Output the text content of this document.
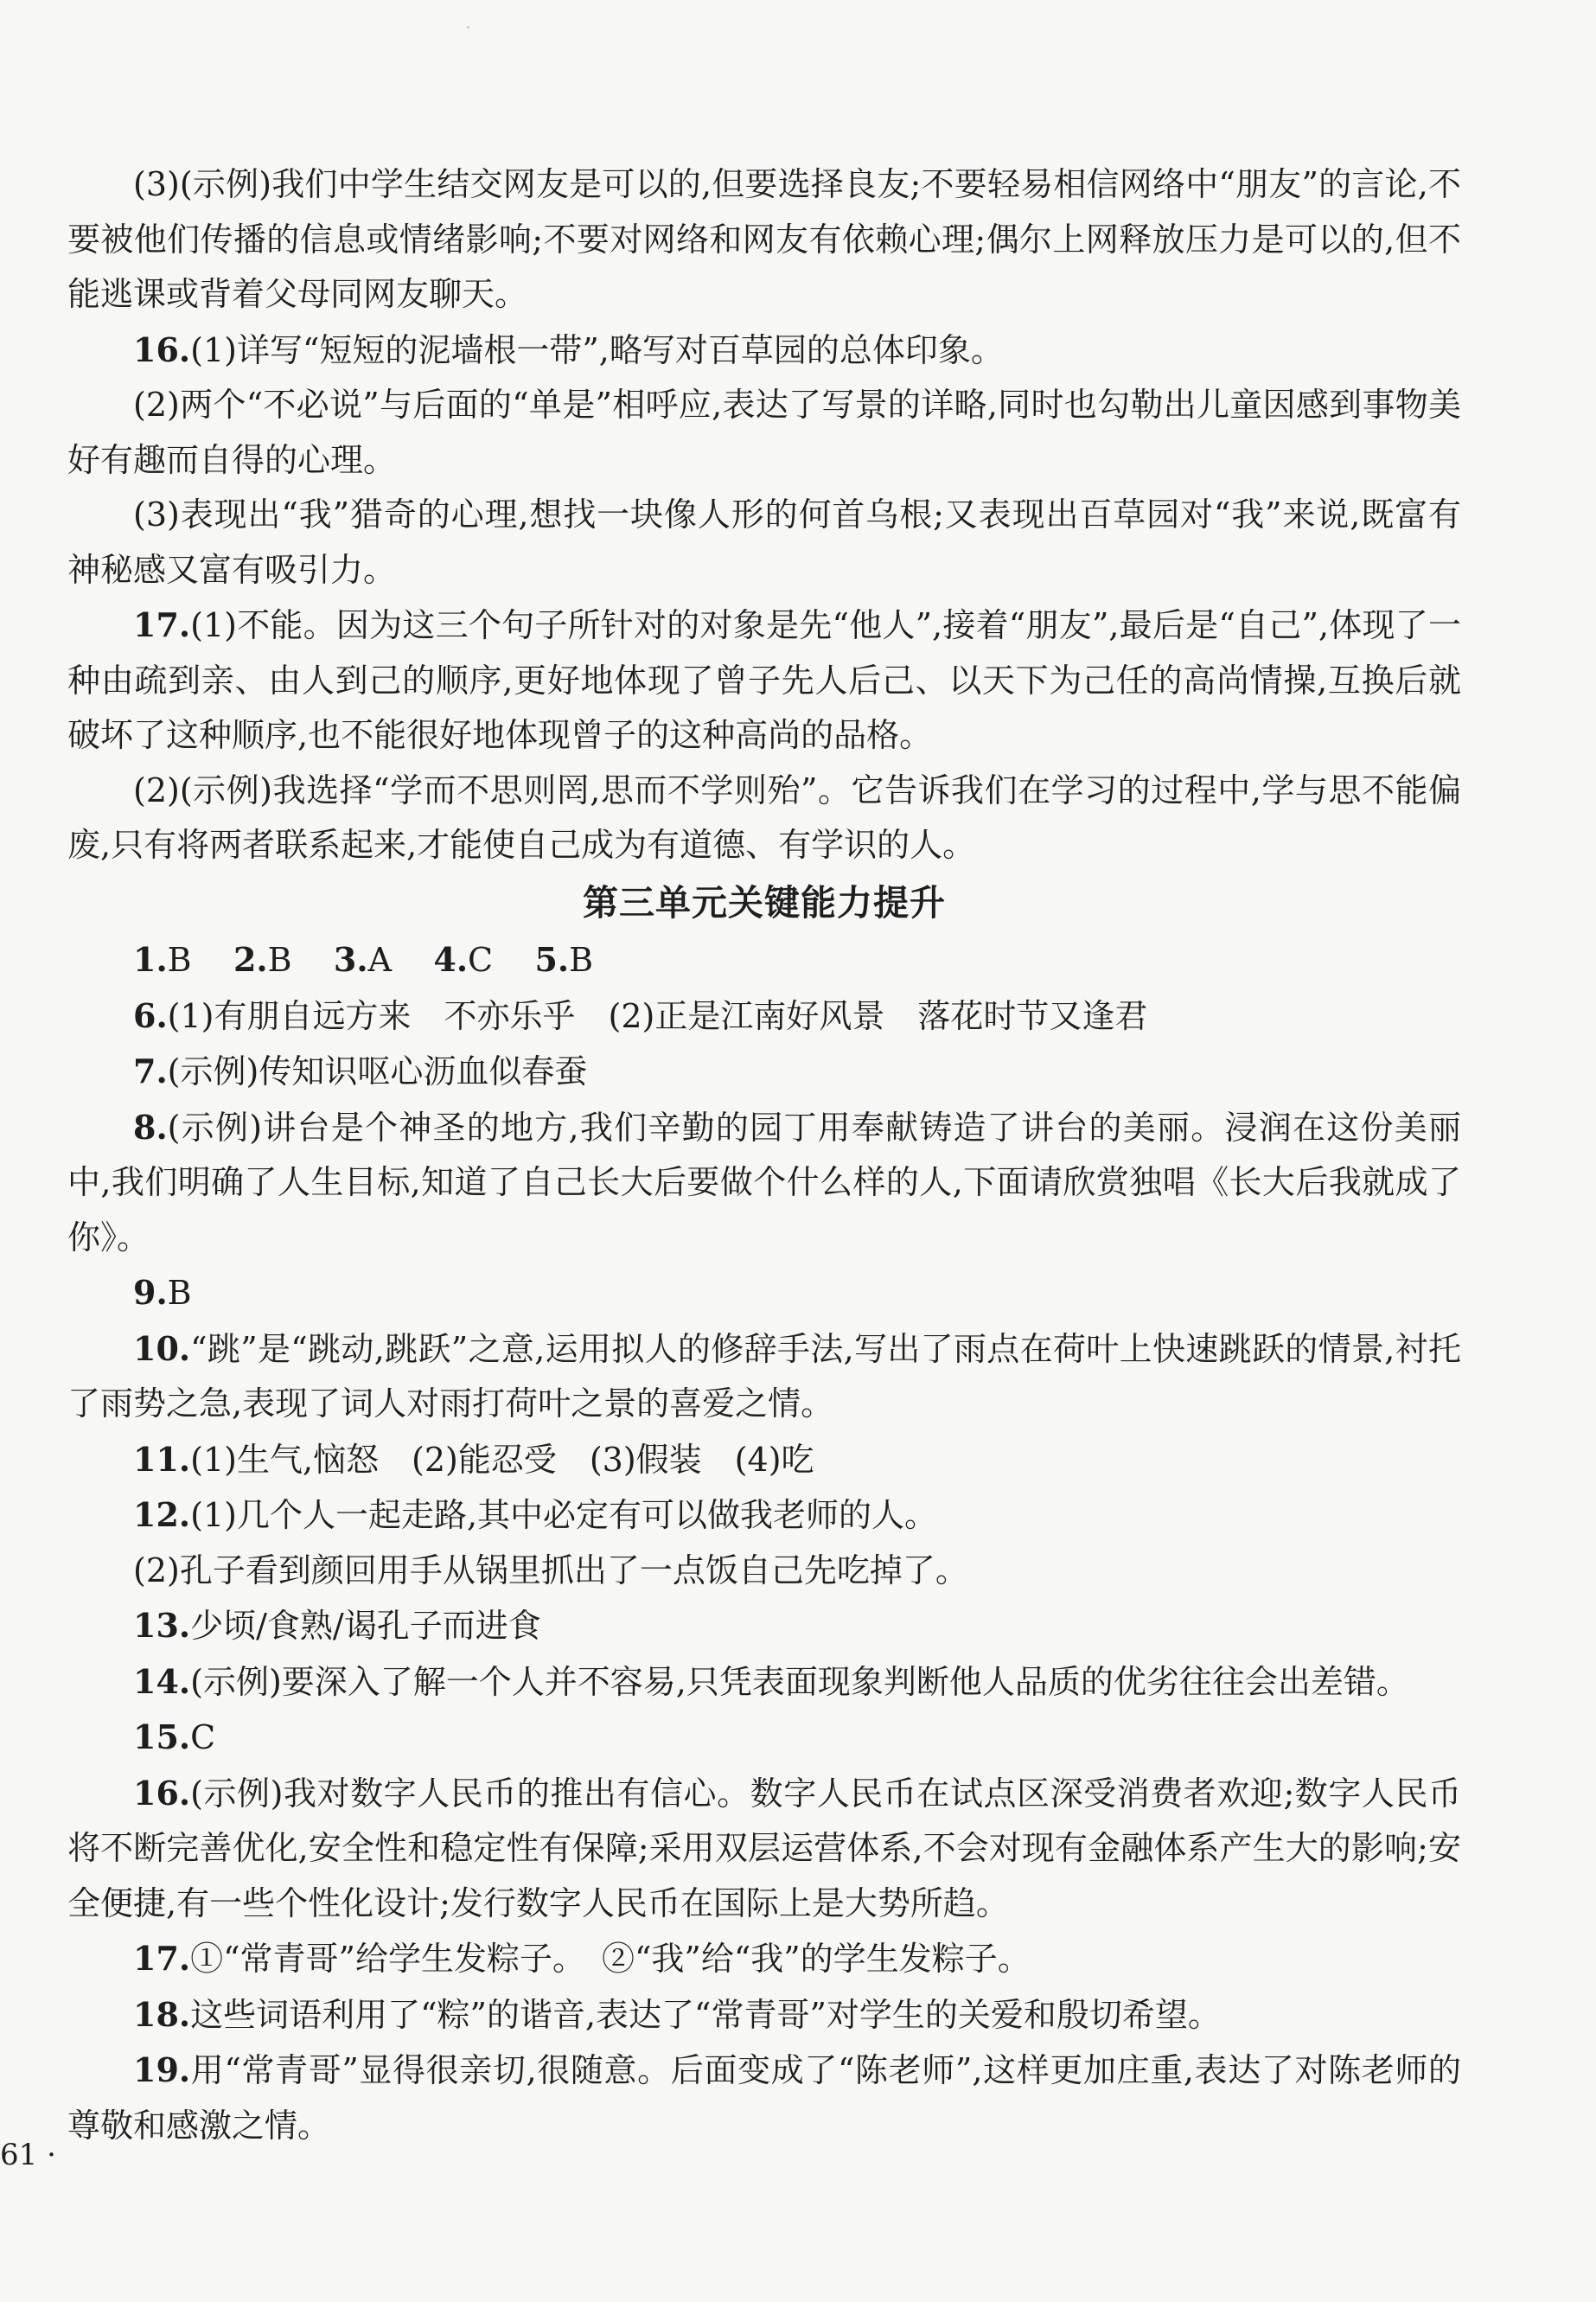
(3)(示例)我们中学生结交网友是可以的,但要选择良友;不要轻易相信网络中“朋友”的言论,不要被他们传播的信息或情绪影响;不要对网络和网友有依赖心理;偶尔上网释放压力是可以的,但不能逃课或背着父母同网友聊天。

16.(1)详写“短短的泥墙根一带”,略写对百草园的总体印象。

(2)两个“不必说”与后面的“单是”相呼应,表达了写景的详略,同时也勾勒出儿童因感到事物美好有趣而自得的心理。

(3)表现出“我”猎奇的心理,想找一块像人形的何首乌根;又表现出百草园对“我”来说,既富有神秘感又富有吸引力。

17.(1)不能。因为这三个句子所针对的对象是先“他人”,接着“朋友”,最后是“自己”,体现了一种由疏到亲、由人到己的顺序,更好地体现了曾子先人后己、以天下为己任的高尚情操,互换后就破坏了这种顺序,也不能很好地体现曾子的这种高尚的品格。

(2)(示例)我选择“学而不思则罔,思而不学则殆”。它告诉我们在学习的过程中,学与思不能偏废,只有将两者联系起来,才能使自己成为有道德、有学识的人。

第三单元关键能力提升

1.B 2.B 3.A 4.C 5.B

6.(1)有朋自远方来　不亦乐乎　(2)正是江南好风景　落花时节又逢君

7.(示例)传知识呕心沥血似春蚕

8.(示例)讲台是个神圣的地方,我们辛勤的园丁用奉献铸造了讲台的美丽。浸润在这份美丽中,我们明确了人生目标,知道了自己长大后要做个什么样的人,下面请欣赏独唱《长大后我就成了你》。

9.B

10.“跳”是“跳动,跳跃”之意,运用拟人的修辞手法,写出了雨点在荷叶上快速跳跃的情景,衬托了雨势之急,表现了词人对雨打荷叶之景的喜爱之情。

11.(1)生气,恼怒　(2)能忍受　(3)假装　(4)吃

12.(1)几个人一起走路,其中必定有可以做我老师的人。

(2)孔子看到颜回用手从锅里抓出了一点饭自己先吃掉了。

13.少顷/食熟/谒孔子而进食

14.(示例)要深入了解一个人并不容易,只凭表面现象判断他人品质的优劣往往会出差错。

15.C

16.(示例)我对数字人民币的推出有信心。数字人民币在试点区深受消费者欢迎;数字人民币将不断完善优化,安全性和稳定性有保障;采用双层运营体系,不会对现有金融体系产生大的影响;安全便捷,有一些个性化设计;发行数字人民币在国际上是大势所趋。

17.①“常青哥”给学生发粽子。　②“我”给“我”的学生发粽子。

18.这些词语利用了“粽”的谐音,表达了“常青哥”对学生的关爱和殷切希望。

19.用“常青哥”显得很亲切,很随意。后面变成了“陈老师”,这样更加庄重,表达了对陈老师的尊敬和感激之情。

61 ·
